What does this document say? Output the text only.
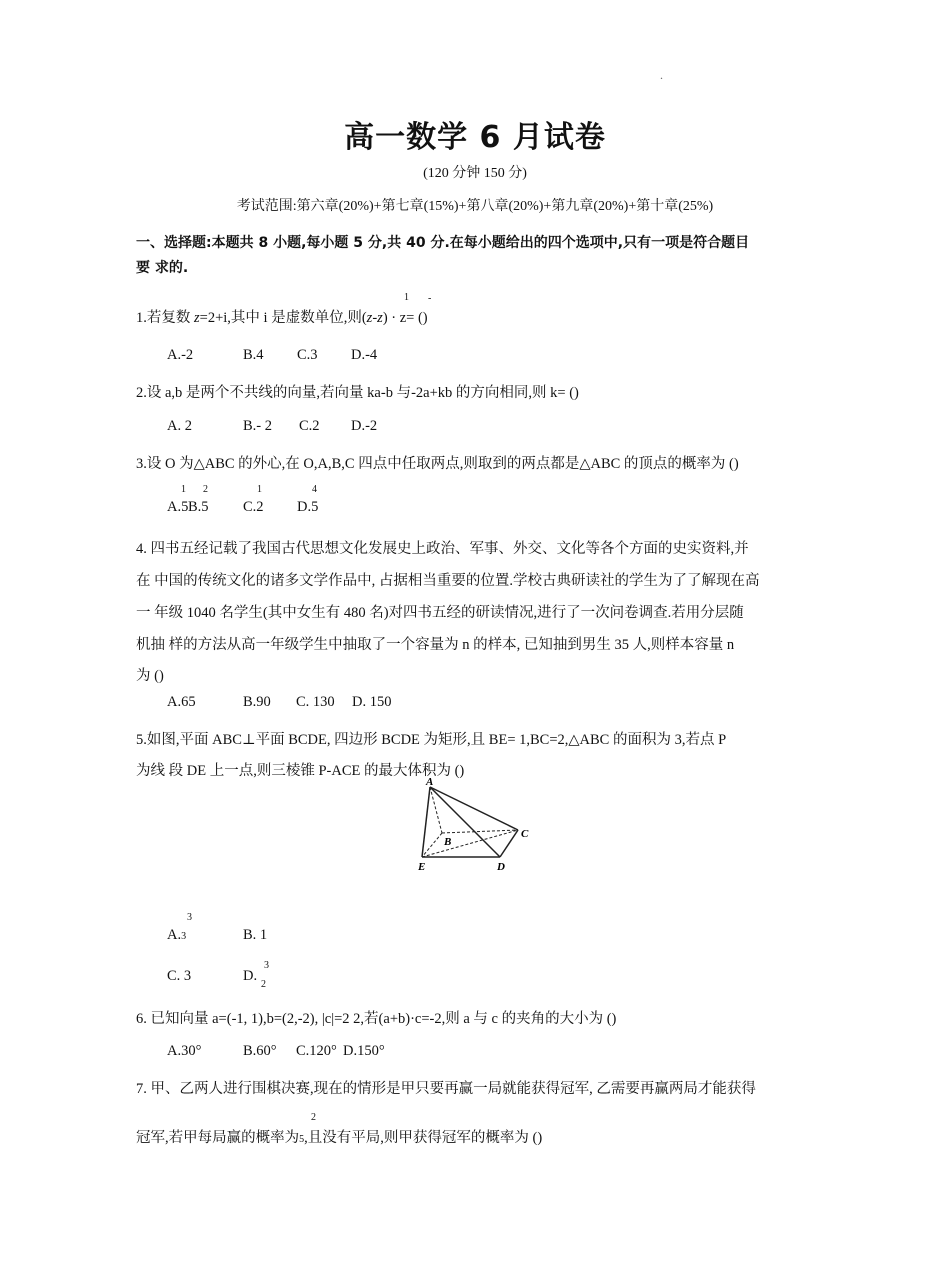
.
高一数学 6 月试卷
(120 分钟 150 分)
考试范围:第六章(20%)+第七章(15%)+第八章(20%)+第九章(20%)+第十章(25%)
一、选择题:本题共 8 小题,每小题 5 分,共 40 分.在每小题给出的四个选项中,只有一项是符合题目
要 求的.
1.若复数 z=2+i,其中 i 是虚数单位,则(z-z) · z= ()
1 -
A.-2	B.4 C.3 D.-4
2.设 a,b 是两个不共线的向量,若向量 ka-b 与-2a+kb 的方向相同,则 k= ()
A. 2	B.- 2 C.2 D.-2
3.设 O 为△ABC 的外心,在 O,A,B,C 四点中任取两点,则取到的两点都是△ABC 的顶点的概率为 ()
1 2	1	4
A.5 B.5 C.2 D.5
4. 四书五经记载了我国古代思想文化发展史上政治、军事、外交、文化等各个方面的史实资料,并
在 中国的传统文化的诸多文学作品中, 占据相当重要的位置.学校古典研读社的学生为了了解现在高
一 年级 1040 名学生(其中女生有 480 名)对四书五经的研读情况,进行了一次问卷调查.若用分层随
机抽 样的方法从高一年级学生中抽取了一个容量为 n 的样本, 已知抽到男生 35 人,则样本容量 n
为 ()
A.65	B.90 C. 130 D. 150
5.如图,平面 ABC⊥平面 BCDE, 四边形 BCDE 为矩形,且 BE= 1,BC=2,△ABC 的面积为 3,若点 P
为线 段 DE 上一点,则三棱锥 P-ACE 的最大体积为 ()
A
B
C
E	D
3
A.3	B. 1
C. 3
3
D.
2
6. 已知向量 a=(-1, 1),b=(2,-2), |c|=2 2,若(a+b)·c=-2,则 a 与 c 的夹角的大小为 ()
A.30°	B.60° C.120° D.150°
7. 甲、乙两人进行围棋决赛,现在的情形是甲只要再赢一局就能获得冠军, 乙需要再赢两局才能获得
2
冠军,若甲每局赢的概率为5,且没有平局,则甲获得冠军的概率为 ()
